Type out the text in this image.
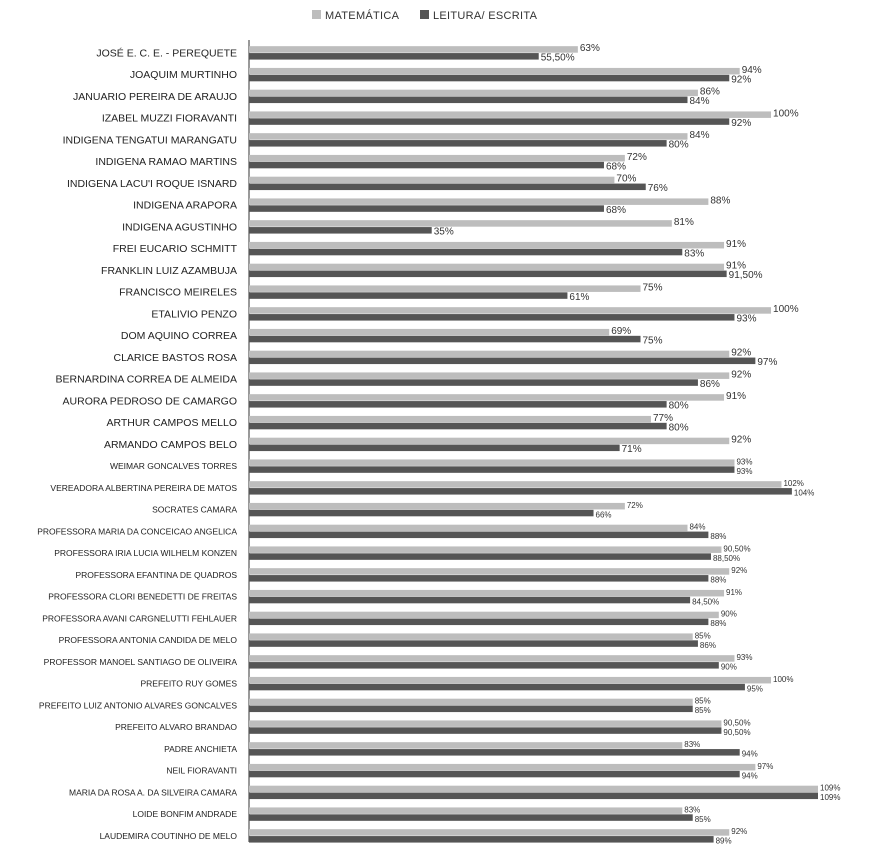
MATEMÁTICA	LEITURA/ ESCRITA
JOSÉ E. C. E. - PEREQUETE	63%
55,50%
JOAQUIM MURTINHO	94%
92%
JANUARIO PEREIRA DE ARAUJO	86%
84%
IZABEL MUZZI FIORAVANTI	100%
92%
INDIGENA TENGATUI MARANGATU	84%
80%
INDIGENA RAMAO MARTINS	72%
68%
INDIGENA LACU'I ROQUE ISNARD	70%
76%
INDIGENA ARAPORA	88%
68%
INDIGENA AGUSTINHO	81%
35%
FREI EUCARIO SCHMITT	91%
83%
FRANKLIN LUIZ AZAMBUJA	91%
91,50%
FRANCISCO MEIRELES	75%
61%
ETALIVIO PENZO	100%
93%
DOM AQUINO CORREA	69%
75%
CLARICE BASTOS ROSA	92%
97%
BERNARDINA CORREA DE ALMEIDA	92%
86%
AURORA PEDROSO DE CAMARGO	91%
80%
ARTHUR CAMPOS MELLO	77%
80%
ARMANDO CAMPOS BELO	92%
71%
WEIMAR GONCALVES TORRES	93%
93%
VEREADORA ALBERTINA PEREIRA DE MATOS	102%
104%
SOCRATES CAMARA	72%
66%
PROFESSORA MARIA DA CONCEICAO ANGELICA	84%
88%
PROFESSORA IRIA LUCIA WILHELM KONZEN	90,50%
88,50%
PROFESSORA EFANTINA DE QUADROS	92%
88%
PROFESSORA CLORI BENEDETTI DE FREITAS	91%
84,50%
PROFESSORA AVANI CARGNELUTTI FEHLAUER	90%
88%
PROFESSORA ANTONIA CANDIDA DE MELO	85%
86%
PROFESSOR MANOEL SANTIAGO DE OLIVEIRA	93%
90%
PREFEITO RUY GOMES	100%
95%
PREFEITO LUIZ ANTONIO ALVARES GONCALVES	85%
85%
PREFEITO ALVARO BRANDAO	90,50%
90,50%
PADRE ANCHIETA	83%
94%
NEIL FIORAVANTI	97%
94%
MARIA DA ROSA A. DA SILVEIRA CAMARA	109%
109%
LOIDE BONFIM ANDRADE	83%
85%
LAUDEMIRA COUTINHO DE MELO	92%
89%
